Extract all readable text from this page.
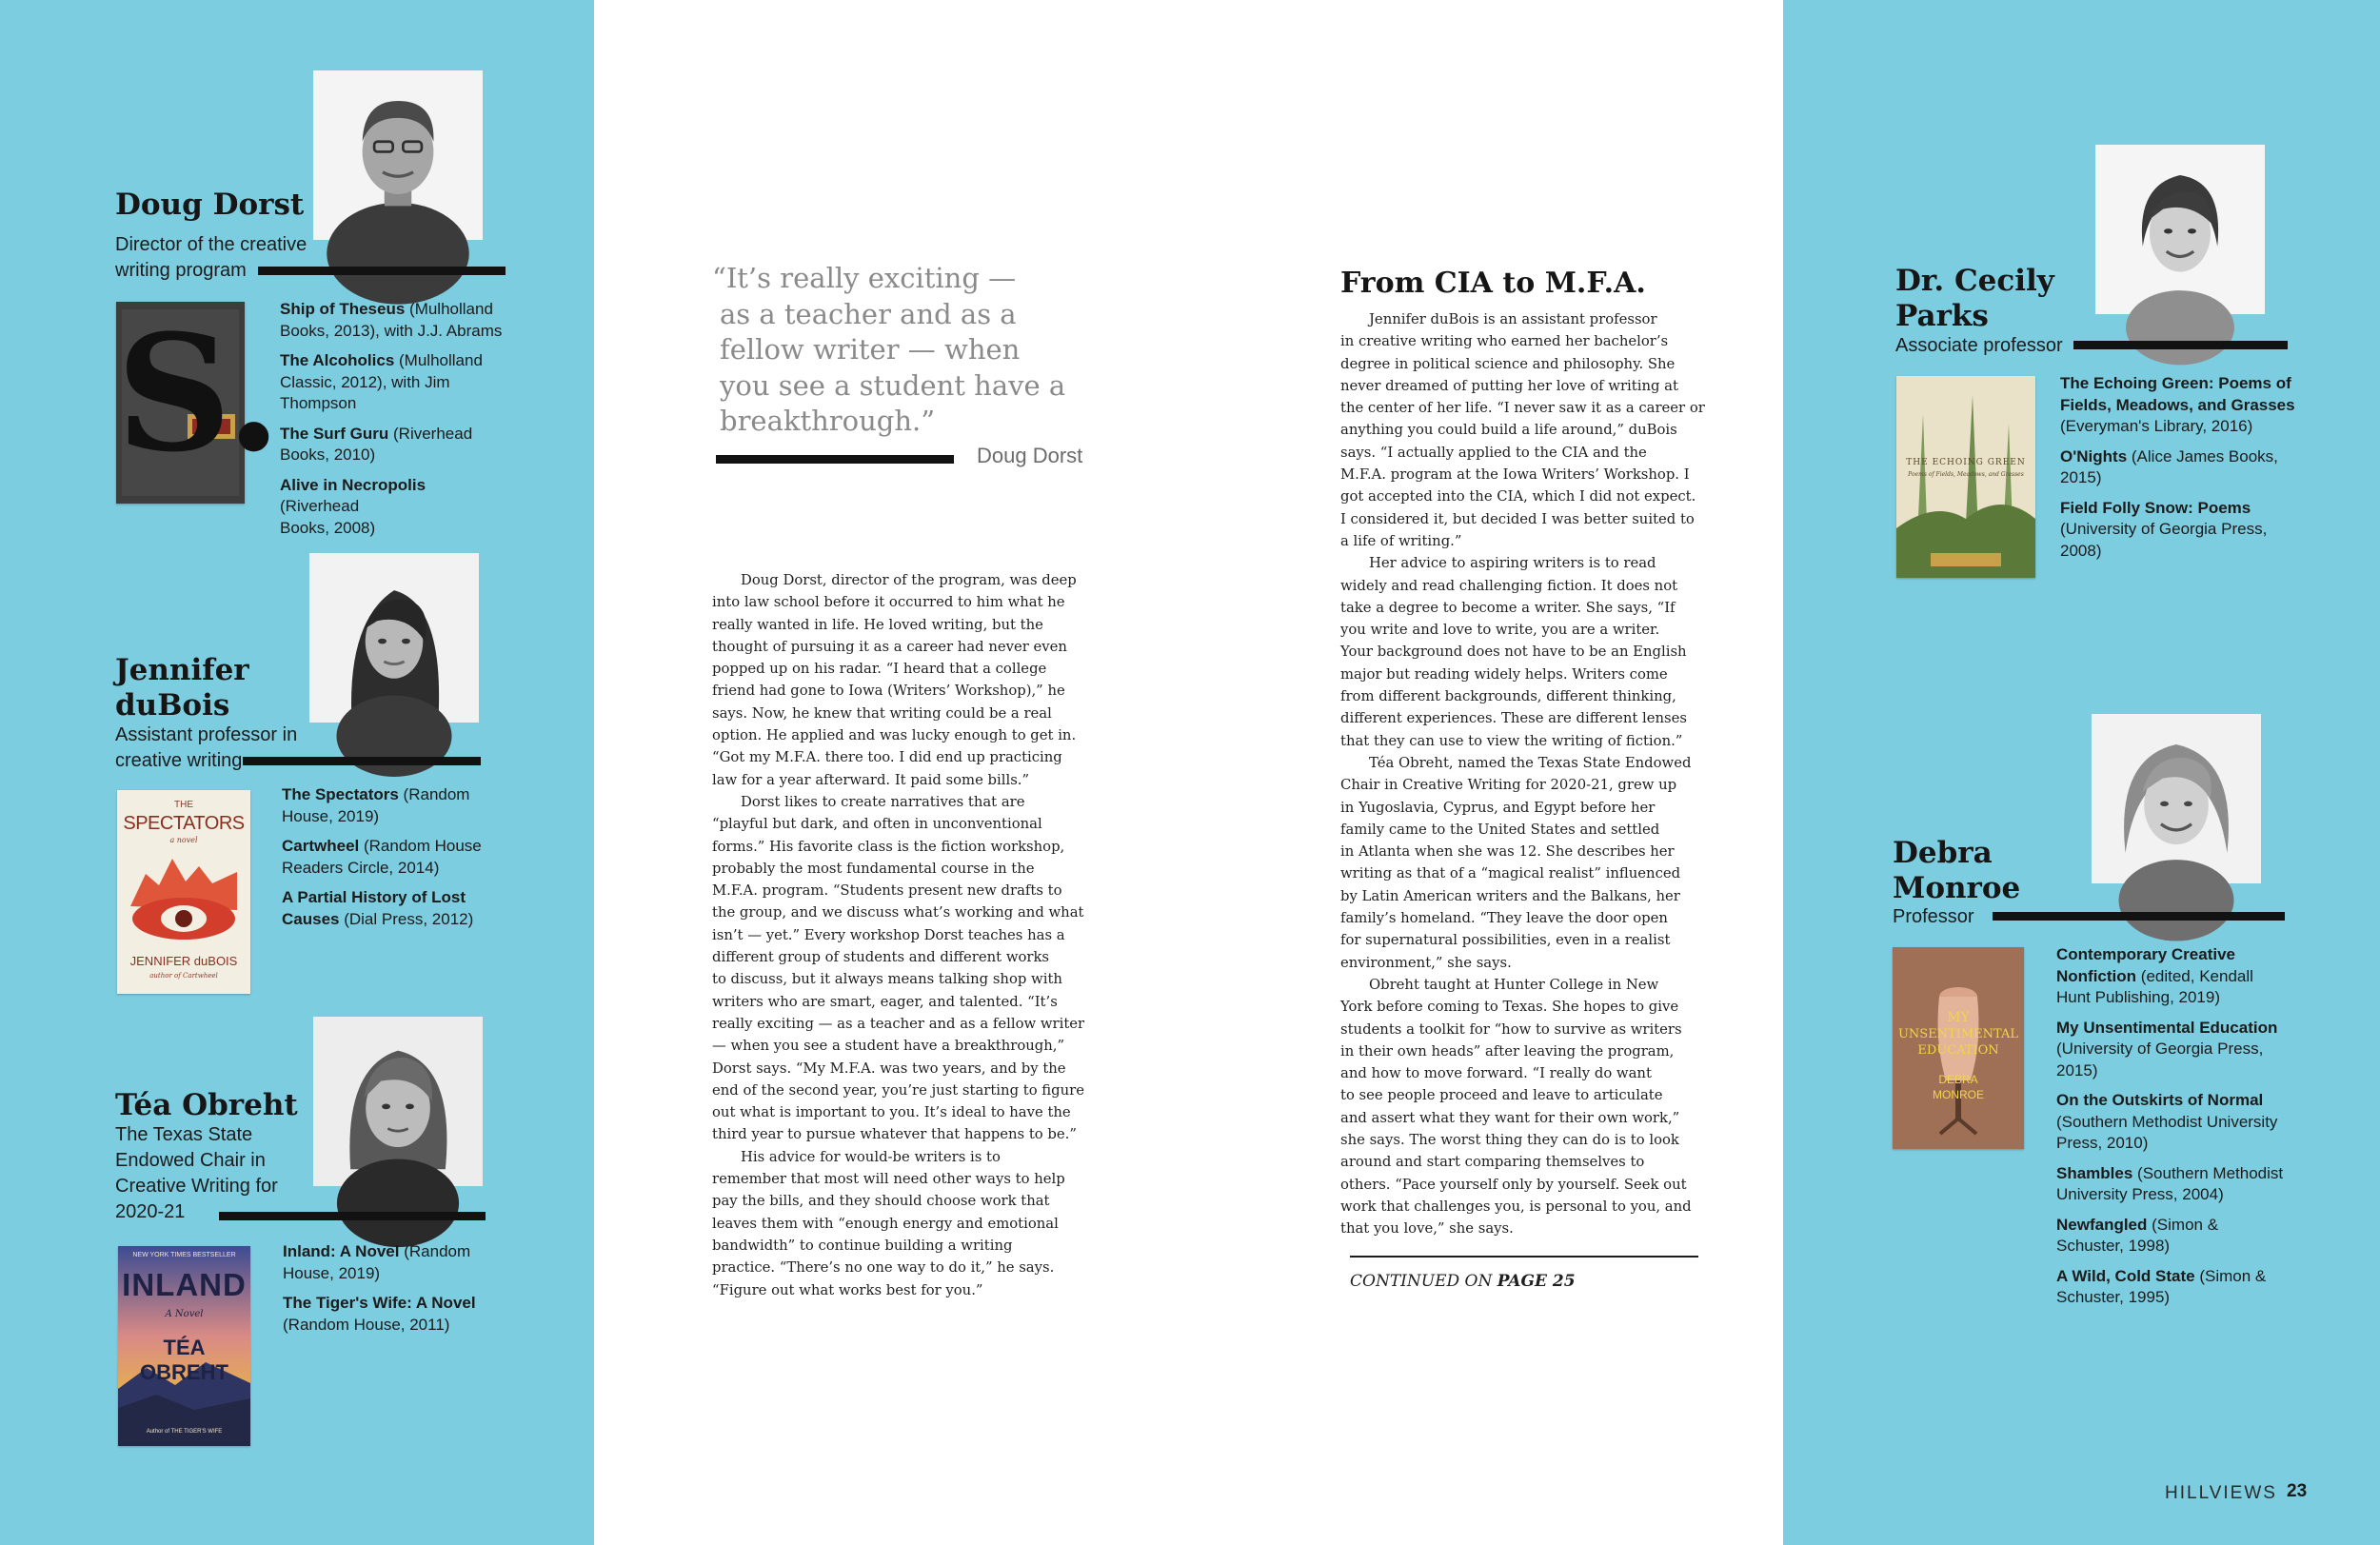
Doug Dorst
Director of the creative
writing program
S.
Ship of Theseus (Mulholland
Books, 2013), with J.J. Abrams
The Alcoholics (Mulholland
Classic, 2012), with Jim
Thompson
The Surf Guru (Riverhead
Books, 2010)
Alive in Necropolis (Riverhead
Books, 2008)
Jennifer
duBois
Assistant professor in
creative writing
THE
SPECTATORS
a novel
JENNIFER duBOIS
author of Cartwheel
The Spectators (Random
House, 2019)
Cartwheel (Random House
Readers Circle, 2014)
A Partial History of Lost
Causes (Dial Press, 2012)
Téa Obreht
The Texas State
Endowed Chair in
Creative Writing for
2020-21
NEW YORK TIMES BESTSELLER
INLAND
A Novel
TÉA
OBREHT
Author of THE TIGER'S WIFE
Inland: A Novel (Random
House, 2019)
The Tiger's Wife: A Novel
(Random House, 2011)
“It’s really exciting —
as a teacher and as a
fellow writer — when
you see a student have a
breakthrough.”
Doug Dorst
Doug Dorst, director of the program, was deep
into law school before it occurred to him what he
really wanted in life. He loved writing, but the
thought of pursuing it as a career had never even
popped up on his radar. “I heard that a college
friend had gone to Iowa (Writers’ Workshop),” he
says. Now, he knew that writing could be a real
option. He applied and was lucky enough to get in.
“Got my M.F.A. there too. I did end up practicing
law for a year afterward. It paid some bills.”
Dorst likes to create narratives that are
“playful but dark, and often in unconventional
forms.” His favorite class is the fiction workshop,
probably the most fundamental course in the
M.F.A. program. “Students present new drafts to
the group, and we discuss what’s working and what
isn’t — yet.” Every workshop Dorst teaches has a
different group of students and different works
to discuss, but it always means talking shop with
writers who are smart, eager, and talented. “It’s
really exciting — as a teacher and as a fellow writer
— when you see a student have a breakthrough,”
Dorst says. “My M.F.A. was two years, and by the
end of the second year, you’re just starting to figure
out what is important to you. It’s ideal to have the
third year to pursue whatever that happens to be.”
His advice for would-be writers is to
remember that most will need other ways to help
pay the bills, and they should choose work that
leaves them with “enough energy and emotional
bandwidth” to continue building a writing
practice. “There’s no one way to do it,” he says.
“Figure out what works best for you.”
From CIA to M.F.A.
Jennifer duBois is an assistant professor
in creative writing who earned her bachelor’s
degree in political science and philosophy. She
never dreamed of putting her love of writing at
the center of her life. “I never saw it as a career or
anything you could build a life around,” duBois
says. “I actually applied to the CIA and the
M.F.A. program at the Iowa Writers’ Workshop. I
got accepted into the CIA, which I did not expect.
I considered it, but decided I was better suited to
a life of writing.”
Her advice to aspiring writers is to read
widely and read challenging fiction. It does not
take a degree to become a writer. She says, “If
you write and love to write, you are a writer.
Your background does not have to be an English
major but reading widely helps. Writers come
from different backgrounds, different thinking,
different experiences. These are different lenses
that they can use to view the writing of fiction.”
Téa Obreht, named the Texas State Endowed
Chair in Creative Writing for 2020-21, grew up
in Yugoslavia, Cyprus, and Egypt before her
family came to the United States and settled
in Atlanta when she was 12. She describes her
writing as that of a “magical realist” influenced
by Latin American writers and the Balkans, her
family’s homeland. “They leave the door open
for supernatural possibilities, even in a realist
environment,” she says.
Obreht taught at Hunter College in New
York before coming to Texas. She hopes to give
students a toolkit for “how to survive as writers
in their own heads” after leaving the program,
and how to move forward. “I really do want
to see people proceed and leave to articulate
and assert what they want for their own work,”
she says. The worst thing they can do is to look
around and start comparing themselves to
others. “Pace yourself only by yourself. Seek out
work that challenges you, is personal to you, and
that you love,” she says.
CONTINUED ON PAGE 25
Dr. Cecily
Parks
Associate professor
THE ECHOING GREEN
Poems of Fields, Meadows, and Grasses
The Echoing Green: Poems of
Fields, Meadows, and Grasses
(Everyman's Library, 2016)
O'Nights (Alice James Books,
2015)
Field Folly Snow: Poems
(University of Georgia Press,
2008)
Debra
Monroe
Professor
MY
UNSENTIMENTAL
EDUCATION
DEBRA
MONROE
Contemporary Creative
Nonfiction (edited, Kendall
Hunt Publishing, 2019)
My Unsentimental Education
(University of Georgia Press,
2015)
On the Outskirts of Normal
(Southern Methodist University
Press, 2010)
Shambles (Southern Methodist
University Press, 2004)
Newfangled (Simon &
Schuster, 1998)
A Wild, Cold State (Simon &
Schuster, 1995)
HILLVIEWS 23
